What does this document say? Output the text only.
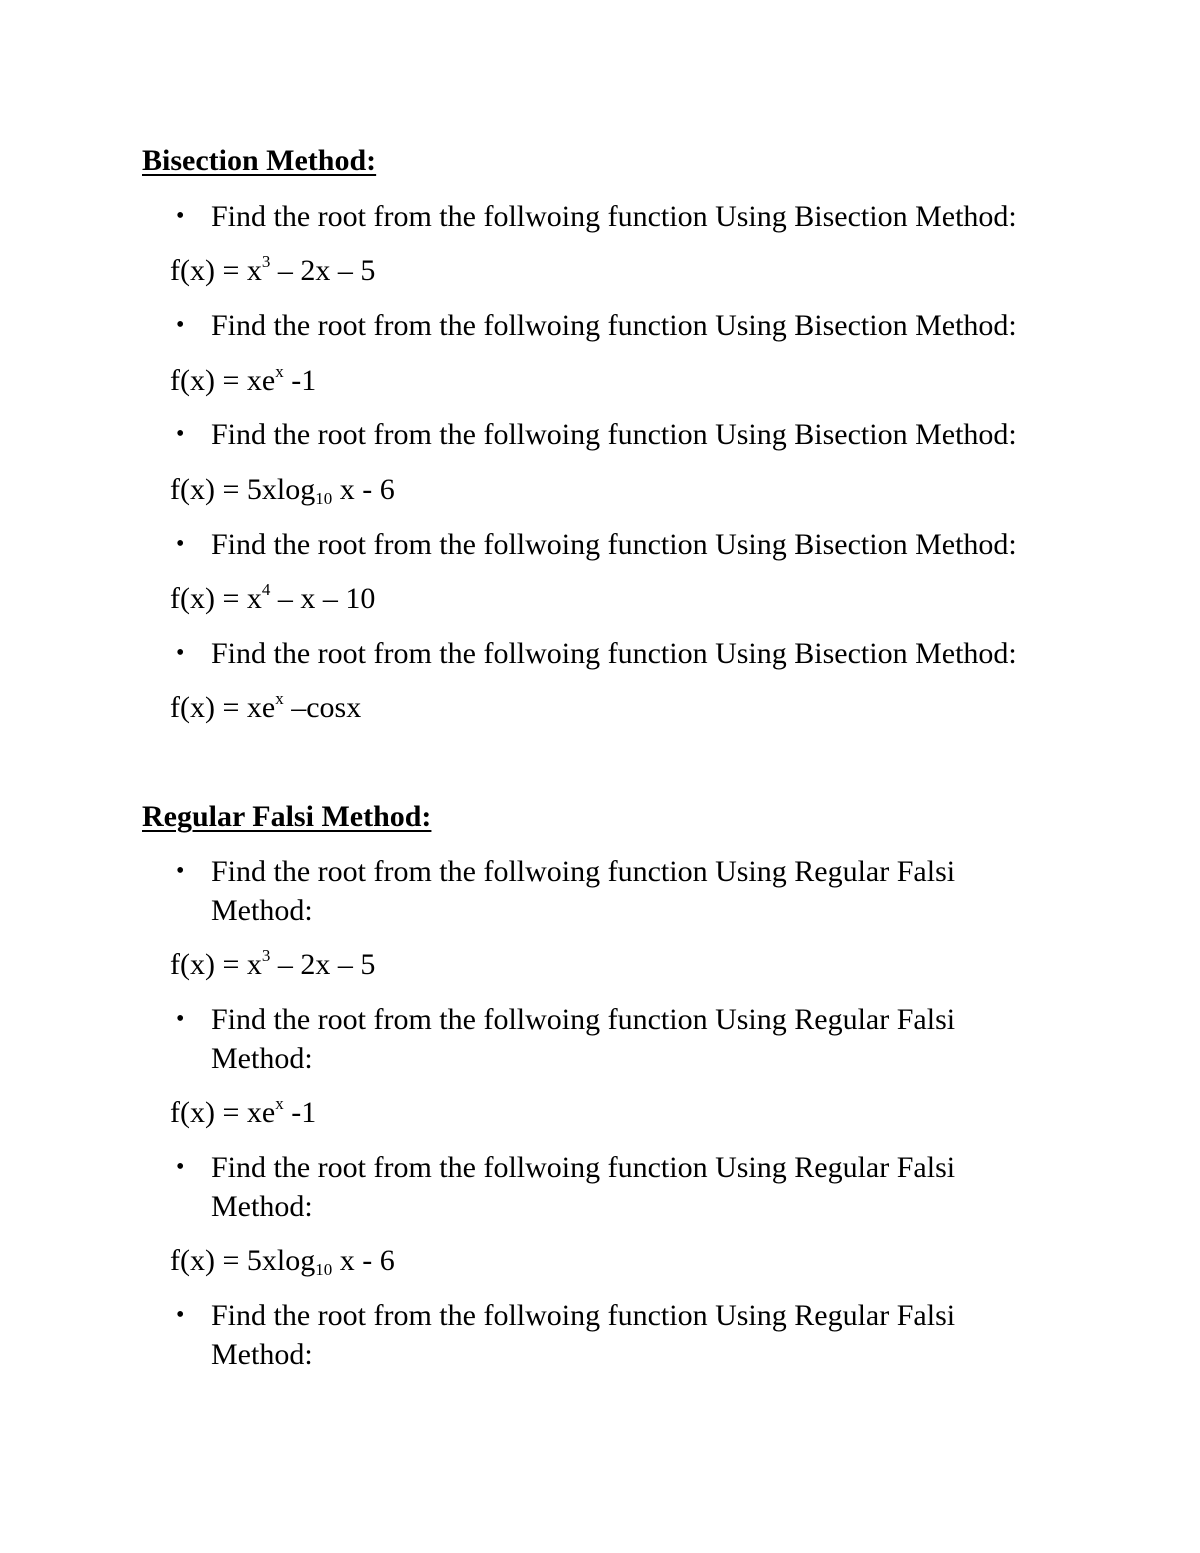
Bisection Method:
• Find the root from the follwoing function Using Bisection Method:
$f(x) = x^3 - 2x - 5$
• Find the root from the follwoing function Using Bisection Method:
$f(x) = xe^x$ -1
• Find the root from the follwoing function Using Bisection Method:
f(x) = 5xlog$_{10}$ x - 6
• Find the root from the follwoing function Using Bisection Method:
$f(x) = x^4 - x - 10$
• Find the root from the follwoing function Using Bisection Method:
$f(x) = xe^x$ –cosx
Regular Falsi Method:
• Find the root from the follwoing function Using Regular Falsi Method:
$f(x) = x^3 - 2x - 5$
• Find the root from the follwoing function Using Regular Falsi Method:
$f(x) = xe^x$ -1
• Find the root from the follwoing function Using Regular Falsi Method:
f(x) = 5xlog$_{10}$ x - 6
• Find the root from the follwoing function Using Regular Falsi Method:
